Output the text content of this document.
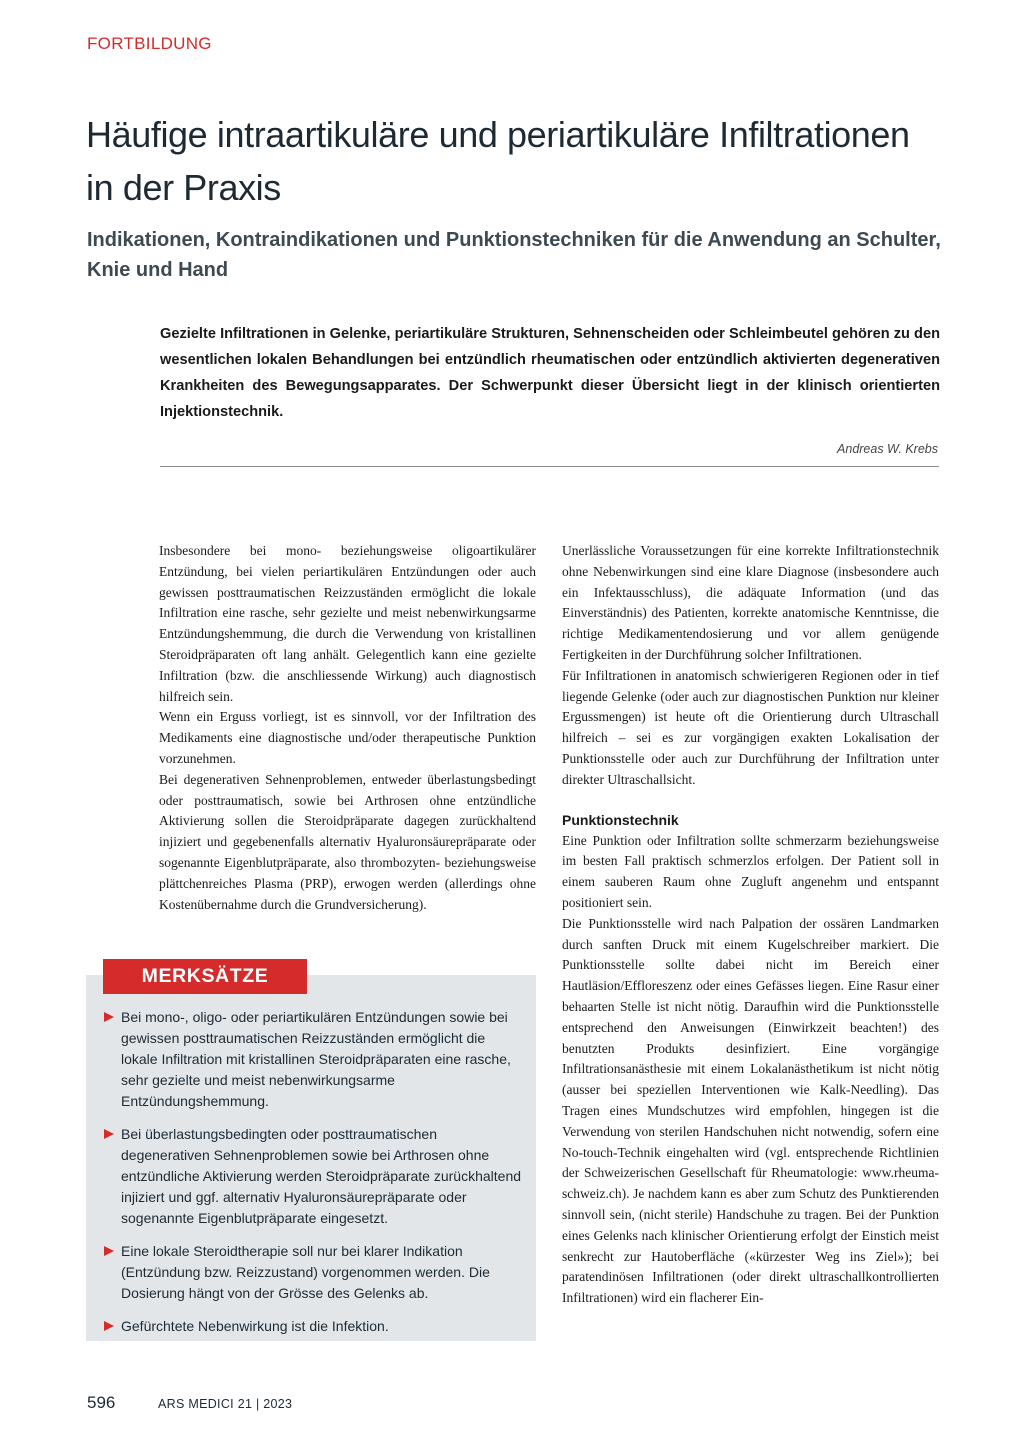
FORTBILDUNG
Häufige intraartikuläre und periartikuläre Infiltrationen in der Praxis
Indikationen, Kontraindikationen und Punktionstechniken für die Anwendung an Schulter, Knie und Hand

Gezielte Infiltrationen in Gelenke, periartikuläre Strukturen, Sehnenscheiden oder Schleimbeutel gehören zu den wesentlichen lokalen Behandlungen bei entzündlich rheumatischen oder entzündlich aktivierten degenerativen Krankheiten des Bewegungsapparates. Der Schwerpunkt dieser Übersicht liegt in der klinisch orientierten Injektionstechnik.

Andreas W. Krebs

Insbesondere bei mono- beziehungsweise oligoartikulärer Entzündung, bei vielen periartikulären Entzündungen oder auch gewissen posttraumatischen Reizzuständen ermöglicht die lokale Infiltration eine rasche, sehr gezielte und meist nebenwirkungsarme Entzündungshemmung, die durch die Verwendung von kristallinen Steroidpräparaten oft lang anhält. Gelegentlich kann eine gezielte Infiltration (bzw. die anschliessende Wirkung) auch diagnostisch hilfreich sein.

Wenn ein Erguss vorliegt, ist es sinnvoll, vor der Infiltration des Medikaments eine diagnostische und/oder therapeutische Punktion vorzunehmen.

Bei degenerativen Sehnenproblemen, entweder überlastungsbedingt oder posttraumatisch, sowie bei Arthrosen ohne entzündliche Aktivierung sollen die Steroidpräparate dagegen zurückhaltend injiziert und gegebenenfalls alternativ Hyaluronsäurepräparate oder sogenannte Eigenblutpräparate, also thrombozyten- beziehungsweise plättchenreiches Plasma (PRP), erwogen werden (allerdings ohne Kostenübernahme durch die Grundversicherung).

Unerlässliche Voraussetzungen für eine korrekte Infiltrationstechnik ohne Nebenwirkungen sind eine klare Diagnose (insbesondere auch ein Infektausschluss), die adäquate Information (und das Einverständnis) des Patienten, korrekte anatomische Kenntnisse, die richtige Medikamentendosierung und vor allem genügende Fertigkeiten in der Durchführung solcher Infiltrationen.

Für Infiltrationen in anatomisch schwierigeren Regionen oder in tief liegende Gelenke (oder auch zur diagnostischen Punktion nur kleiner Ergussmengen) ist heute oft die Orientierung durch Ultraschall hilfreich – sei es zur vorgängigen exakten Lokalisation der Punktionsstelle oder auch zur Durchführung der Infiltration unter direkter Ultraschallsicht.

Punktionstechnik

Eine Punktion oder Infiltration sollte schmerzarm beziehungsweise im besten Fall praktisch schmerzlos erfolgen. Der Patient soll in einem sauberen Raum ohne Zugluft angenehm und entspannt positioniert sein.

Die Punktionsstelle wird nach Palpation der ossären Landmarken durch sanften Druck mit einem Kugelschreiber markiert. Die Punktionsstelle sollte dabei nicht im Bereich einer Hautläsion/Effloreszenz oder eines Gefässes liegen. Eine Rasur einer behaarten Stelle ist nicht nötig. Daraufhin wird die Punktionsstelle entsprechend den Anweisungen (Einwirkzeit beachten!) des benutzten Produkts desinfiziert. Eine vorgängige Infiltrationsanästhesie mit einem Lokalanästhetikum ist nicht nötig (ausser bei speziellen Interventionen wie Kalk-Needling). Das Tragen eines Mundschutzes wird empfohlen, hingegen ist die Verwendung von sterilen Handschuhen nicht notwendig, sofern eine No-touch-Technik eingehalten wird (vgl. entsprechende Richtlinien der Schweizerischen Gesellschaft für Rheumatologie: www.rheuma-schweiz.ch). Je nachdem kann es aber zum Schutz des Punktierenden sinnvoll sein, (nicht sterile) Handschuhe zu tragen. Bei der Punktion eines Gelenks nach klinischer Orientierung erfolgt der Einstich meist senkrecht zur Hautoberfläche («kürzester Weg ins Ziel»); bei paratendinösen Infiltrationen (oder direkt ultraschallkontrollierten Infiltrationen) wird ein flacherer Ein-

MERKSÄTZE
Bei mono-, oligo- oder periartikulären Entzündungen sowie bei gewissen posttraumatischen Reizzuständen ermöglicht die lokale Infiltration mit kristallinen Steroidpräparaten eine rasche, sehr gezielte und meist nebenwirkungsarme Entzündungshemmung.
Bei überlastungsbedingten oder posttraumatischen degenerativen Sehnenproblemen sowie bei Arthrosen ohne entzündliche Aktivierung werden Steroidpräparate zurückhaltend injiziert und ggf. alternativ Hyaluronsäurepräparate oder sogenannte Eigenblutpräparate eingesetzt.
Eine lokale Steroidtherapie soll nur bei klarer Indikation (Entzündung bzw. Reizzustand) vorgenommen werden. Die Dosierung hängt von der Grösse des Gelenks ab.
Gefürchtete Nebenwirkung ist die Infektion.
596	ARS MEDICI 21 | 2023
